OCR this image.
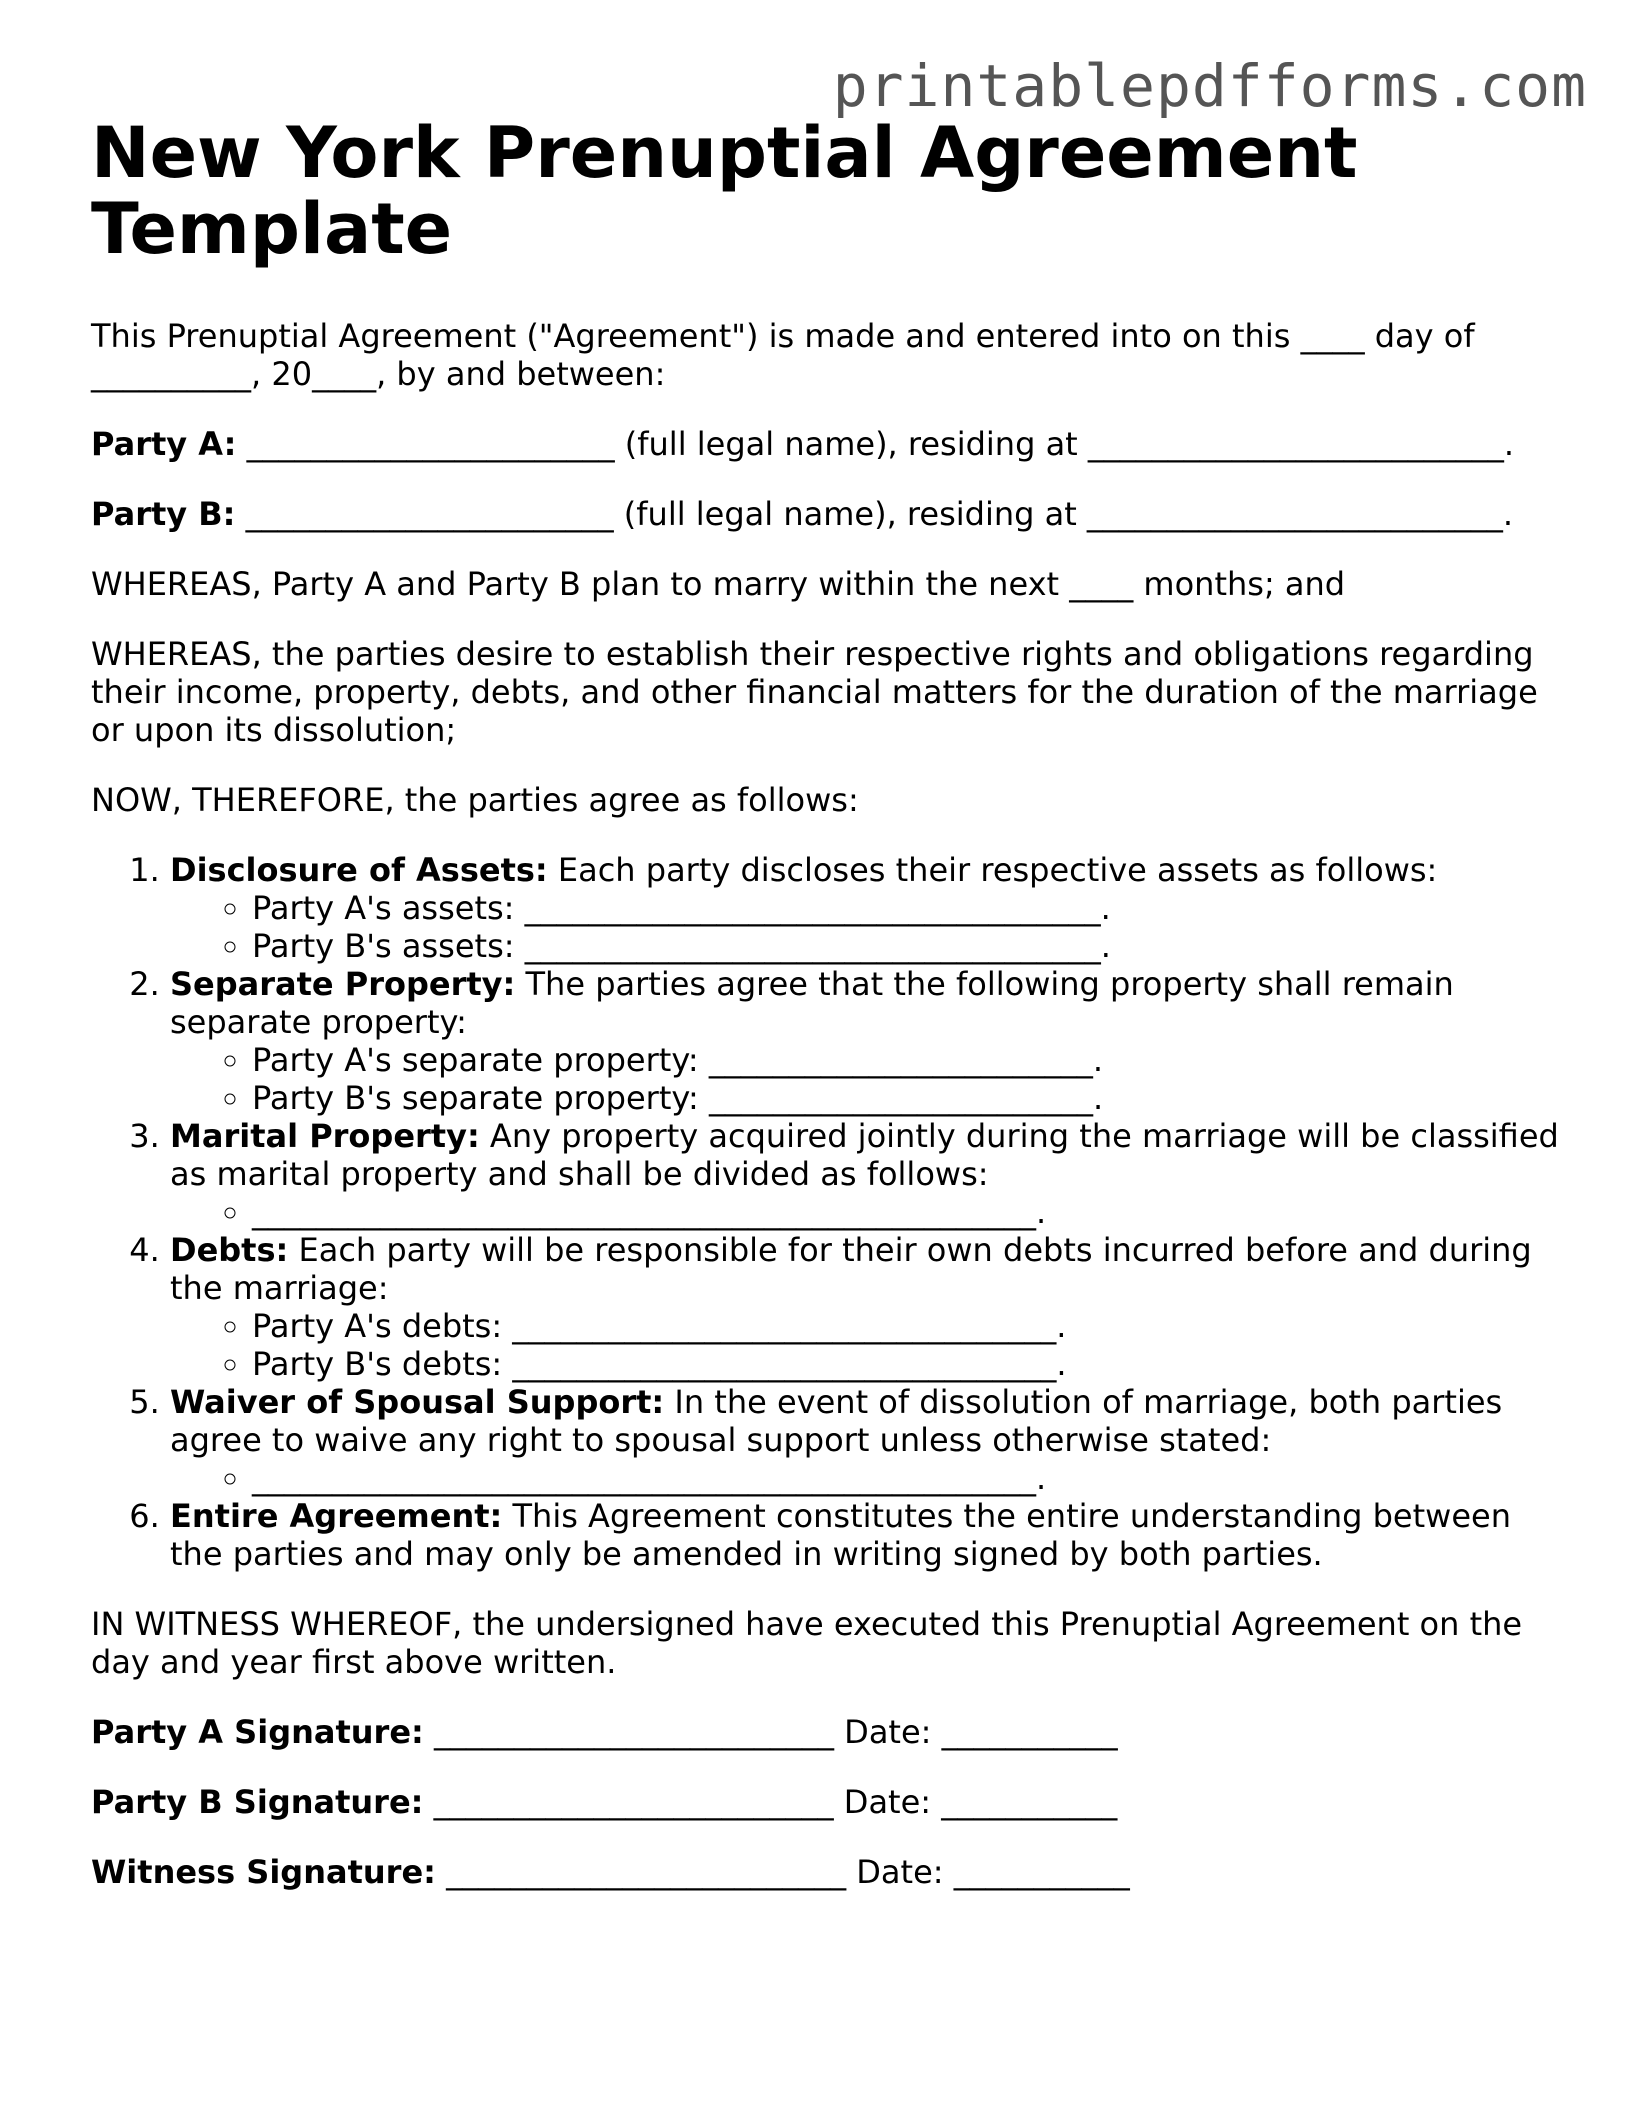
printablepdfforms.com
New York Prenuptial Agreement Template

This Prenuptial Agreement ("Agreement") is made and entered into on this ____ day of __________, 20____, by and between:

Party A: _______________________ (full legal name), residing at __________________________.

Party B: _______________________ (full legal name), residing at __________________________.

WHEREAS, Party A and Party B plan to marry within the next ____ months; and

WHEREAS, the parties desire to establish their respective rights and obligations regarding their income, property, debts, and other financial matters for the duration of the marriage or upon its dissolution;

NOW, THEREFORE, the parties agree as follows:

1. Disclosure of Assets: Each party discloses their respective assets as follows:
◦ Party A's assets: ____________________________________.
◦ Party B's assets: ____________________________________.
2. Separate Property: The parties agree that the following property shall remain separate property:
◦ Party A's separate property: ________________________.
◦ Party B's separate property: ________________________.
3. Marital Property: Any property acquired jointly during the marriage will be classified as marital property and shall be divided as follows:
◦ _________________________________________________.
4. Debts: Each party will be responsible for their own debts incurred before and during the marriage:
◦ Party A's debts: __________________________________.
◦ Party B's debts: __________________________________.
5. Waiver of Spousal Support: In the event of dissolution of marriage, both parties agree to waive any right to spousal support unless otherwise stated:
◦ _________________________________________________.
6. Entire Agreement: This Agreement constitutes the entire understanding between the parties and may only be amended in writing signed by both parties.

IN WITNESS WHEREOF, the undersigned have executed this Prenuptial Agreement on the day and year first above written.

Party A Signature: _________________________ Date: ___________

Party B Signature: _________________________ Date: ___________

Witness Signature: _________________________ Date: ___________
